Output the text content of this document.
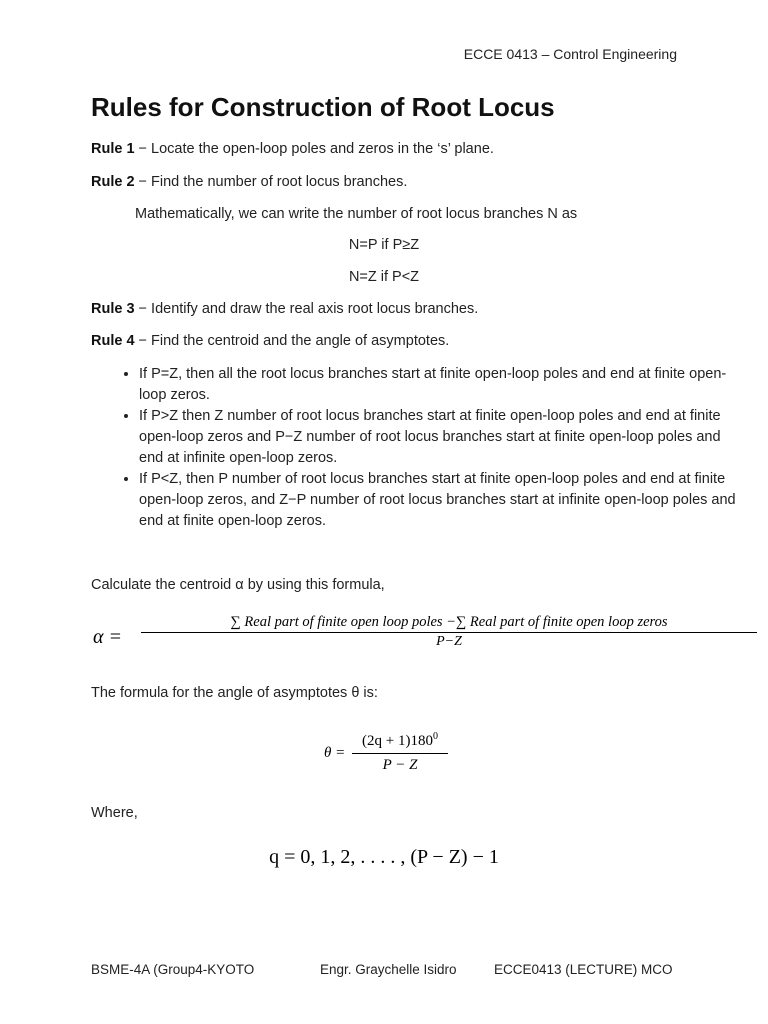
ECCE 0413 – Control Engineering
Rules for Construction of Root Locus
Rule 1 − Locate the open-loop poles and zeros in the ‘s’ plane.
Rule 2 − Find the number of root locus branches.
Mathematically, we can write the number of root locus branches N as
N=P if P≥Z
N=Z if P<Z
Rule 3 − Identify and draw the real axis root locus branches.
Rule 4 − Find the centroid and the angle of asymptotes.
• If P=Z, then all the root locus branches start at finite open-loop poles and end at finite open-loop zeros.
• If P>Z then Z number of root locus branches start at finite open-loop poles and end at finite open-loop zeros and P−Z number of root locus branches start at finite open-loop poles and end at infinite open-loop zeros.
• If P<Z, then P number of root locus branches start at finite open-loop poles and end at finite open-loop zeros, and Z−P number of root locus branches start at infinite open-loop poles and end at finite open-loop zeros.
Calculate the centroid α by using this formula,
α =
∑ Real part of finite open loop poles −∑ Real part of finite open loop zeros
P−Z
The formula for the angle of asymptotes θ is:
θ =
$(2q + 1)180^0$
P − Z
Where,
q = 0, 1, 2, . . . . , (P − Z) − 1
BSME-4A (Group4-KYOTO	Engr. Graychelle Isidro	ECCE0413 (LECTURE) MCO
